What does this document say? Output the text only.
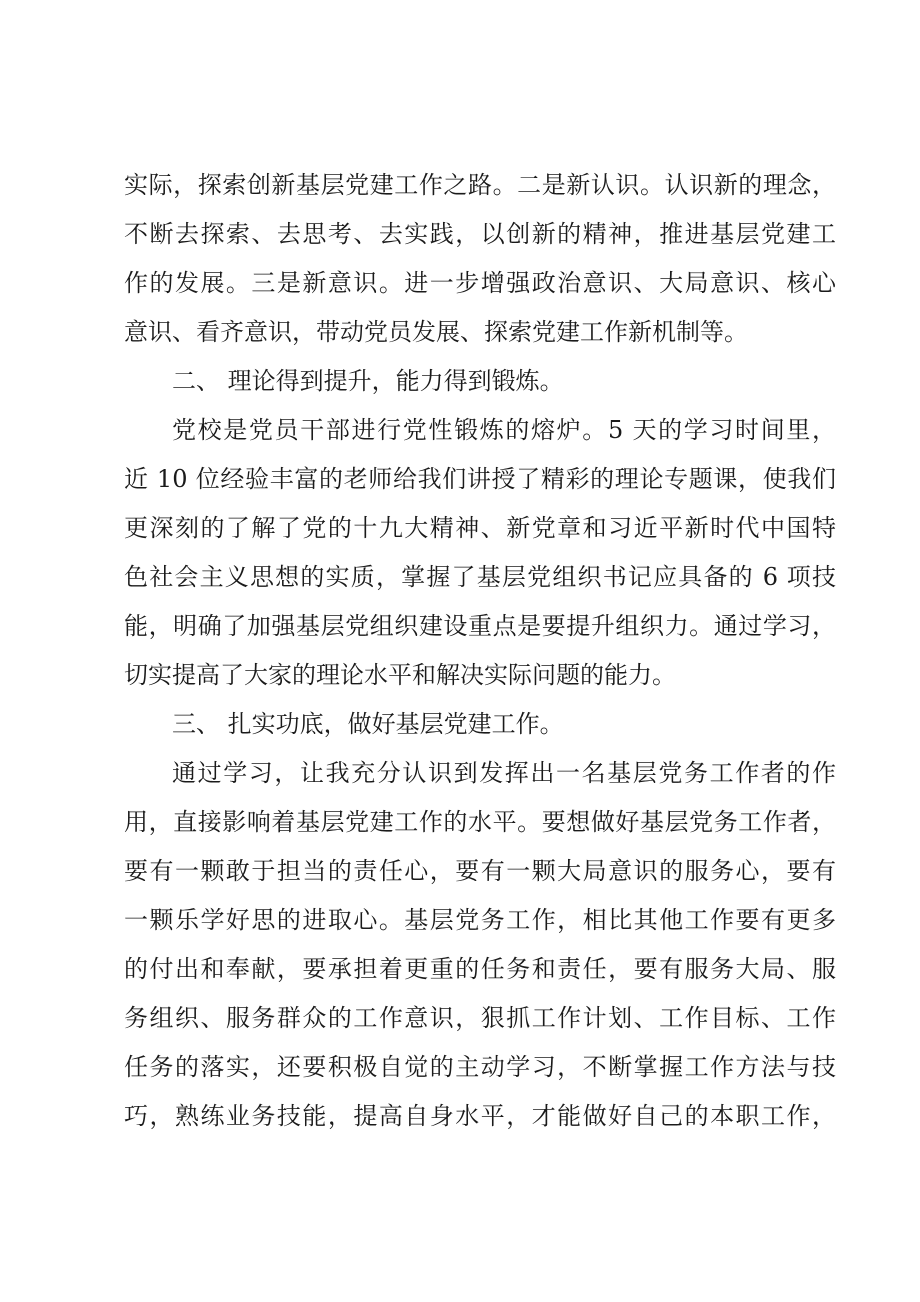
实际，探索创新基层党建工作之路。二是新认识。认识新的理念，
不断去探索、去思考、去实践，以创新的精神，推进基层党建工
作的发展。三是新意识。进一步增强政治意识、大局意识、核心
意识、看齐意识，带动党员发展、探索党建工作新机制等。
二、 理论得到提升，能力得到锻炼。
党校是党员干部进行党性锻炼的熔炉。5 天的学习时间里，
近 10 位经验丰富的老师给我们讲授了精彩的理论专题课，使我们
更深刻的了解了党的十九大精神、新党章和习近平新时代中国特
色社会主义思想的实质，掌握了基层党组织书记应具备的 6 项技
能，明确了加强基层党组织建设重点是要提升组织力。通过学习，
切实提高了大家的理论水平和解决实际问题的能力。
三、 扎实功底，做好基层党建工作。
通过学习，让我充分认识到发挥出一名基层党务工作者的作
用，直接影响着基层党建工作的水平。要想做好基层党务工作者，
要有一颗敢于担当的责任心，要有一颗大局意识的服务心，要有
一颗乐学好思的进取心。基层党务工作，相比其他工作要有更多
的付出和奉献，要承担着更重的任务和责任，要有服务大局、服
务组织、服务群众的工作意识，狠抓工作计划、工作目标、工作
任务的落实，还要积极自觉的主动学习，不断掌握工作方法与技
巧，熟练业务技能，提高自身水平，才能做好自己的本职工作，
